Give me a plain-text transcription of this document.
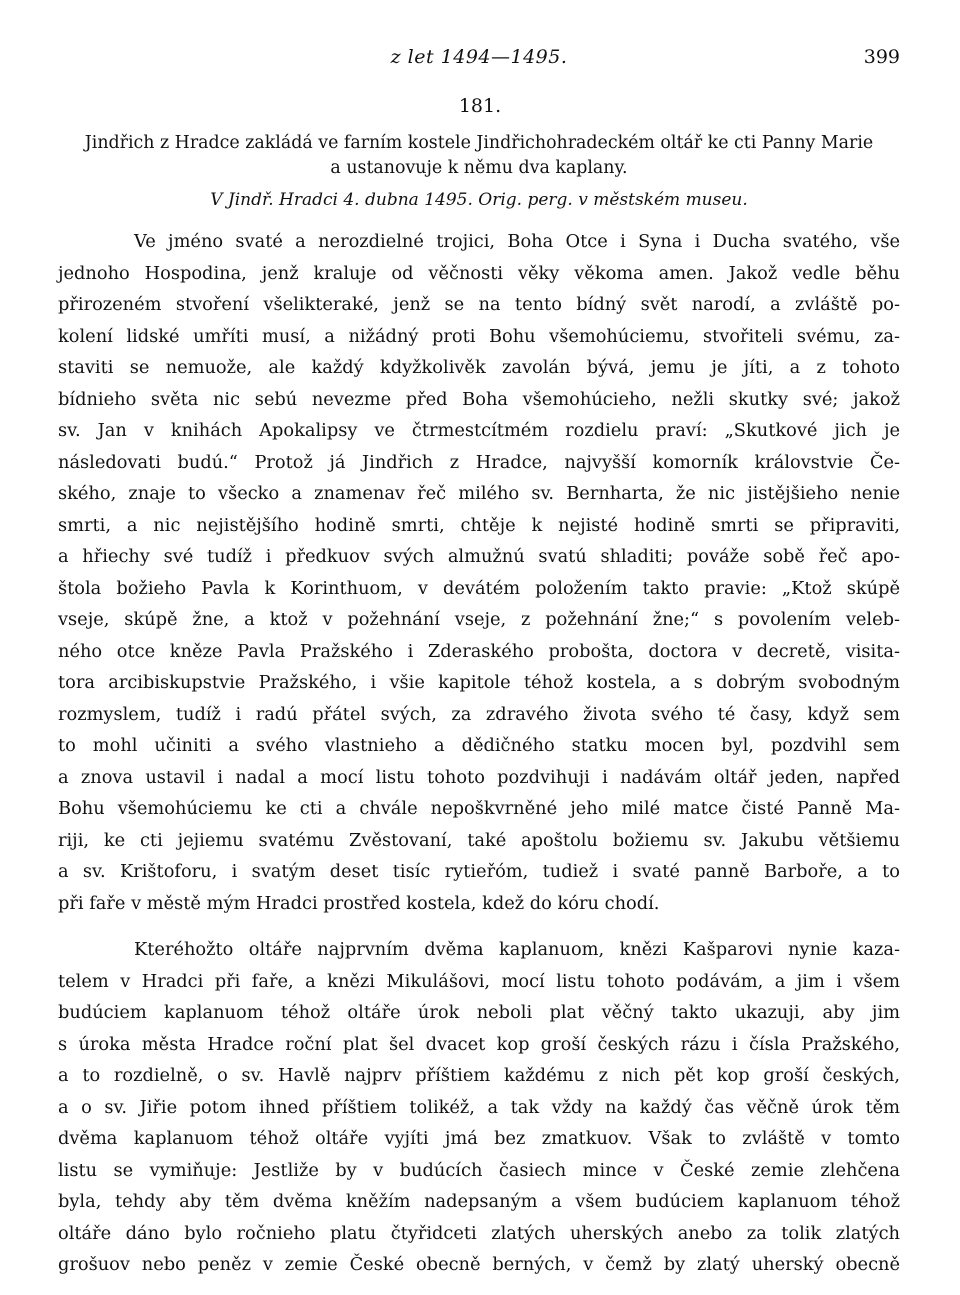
z let 1494—1495.	399
181.
Jindřich z Hradce zakládá ve farním kostele Jindřichohradeckém oltář ke cti Panny Marie
a ustanovuje k němu dva kaplany.
V Jindř. Hradci 4. dubna 1495. Orig. perg. v městském museu.
Ve jméno svaté a nerozdielné trojici, Boha Otce i Syna i Ducha svatého, vše
jednoho Hospodina, jenž kraluje od věčnosti věky věkoma amen. Jakož vedle běhu
přirozeném stvoření všelikteraké, jenž se na tento bídný svět narodí, a zvláště po-
kolení lidské umříti musí, a nižádný proti Bohu všemohúciemu, stvořiteli svému, za-
staviti se nemuože, ale každý kdyžkolivěk zavolán bývá, jemu je jíti, a z tohoto
bídnieho světa nic sebú nevezme před Boha všemohúcieho, nežli skutky své; jakož
sv. Jan v knihách Apokalipsy ve čtrmestcítmém rozdielu praví: „Skutkové jich je
následovati budú.“ Protož já Jindřich z Hradce, najvyšší komorník královstvie Če-
ského, znaje to všecko a znamenav řeč milého sv. Bernharta, že nic jistějšieho nenie
smrti, a nic nejistějšího hodině smrti, chtěje k nejisté hodině smrti se připraviti,
a hřiechy své tudíž i předkuov svých almužnú svatú shladiti; povážе sobě řeč apo-
štola božieho Pavla k Korinthuom, v devátém položením takto pravie: „Ktož skúpě
vseje, skúpě žne, a ktož v požehnání vseje, z požehnání žne;“ s povolením veleb-
ného otce kněze Pavla Pražského i Zderaského probošta, doctora v decretě, visita-
tora arcibiskupstvie Pražského, i všie kapitole téhož kostela, a s dobrým svobodným
rozmyslem, tudíž i radú přátel svých, za zdravého života svého té časy, když sem
to mohl učiniti a svého vlastnieho a dědičného statku mocen byl, pozdvihl sem
a znova ustavil i nadal a mocí listu tohoto pozdvihuji i nadávám oltář jeden, napřed
Bohu všemohúciemu ke cti a chvále nepoškvrněné jeho milé matce čisté Panně Ma-
riji, ke cti jejiemu svatému Zvěstovaní, také apoštolu božiemu sv. Jakubu většiemu
a sv. Krištoforu, i svatým deset tisíc rytieřóm, tudiež i svaté panně Barboře, a to
při faře v městě mým Hradci prostřed kostela, kdež do kóru chodí.
Kteréhožto oltáře najprvním dvěma kaplanuom, knězi Kašparovi nynie kaza-
telem v Hradci při faře, a knězi Mikulášovi, mocí listu tohoto podávám, a jim i všem
budúciem kaplanuom téhož oltáře úrok neboli plat věčný takto ukazuji, aby jim
s úroka města Hradce roční plat šel dvacet kop groší českých rázu i čísla Pražského,
a to rozdielně, o sv. Havlě najprv příštiem každému z nich pět kop groší českých,
a o sv. Jiřie potom ihned příštiem tolikéž, a tak vždy na každý čas věčně úrok těm
dvěma kaplanuom téhož oltáře vyjíti jmá bez zmatkuov. Však to zvláště v tomto
listu se vymiňuje: Jestliže by v budúcích časiech mince v České zemie zlehčena
byla, tehdy aby těm dvěma kněžím nadepsaným a všem budúciem kaplanuom téhož
oltáře dáno bylo ročnieho platu čtyřidceti zlatých uherských anebo za tolik zlatých
grošuov nebo peněz v zemie České obecně berných, v čemž by zlatý uherský obecně
